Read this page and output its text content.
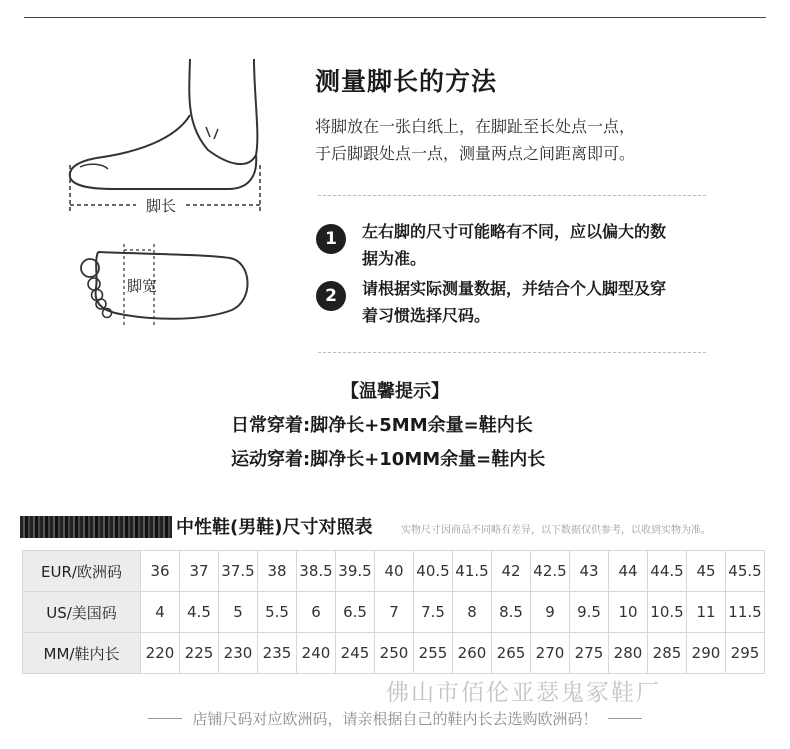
脚长
脚宽
测量脚长的方法

将脚放在一张白纸上，在脚趾至长处点一点，

于后脚跟处点一点，测量两点之间距离即可。

1	左右脚的尺寸可能略有不同，应以偏大的数

据为准。

2	请根据实际测量数据，并结合个人脚型及穿

着习惯选择尺码。

【温馨提示】
日常穿着:脚净长+5MM余量=鞋内长
运动穿着:脚净长+10MM余量=鞋内长
中性鞋(男鞋)尺寸对照表	实物尺寸因商品不同略有差异，以下数据仅供参考，以收到实物为准。
EUR/欧洲码	36	37	37.5	38	38.5	39.5	40	40.5	41.5	42	42.5	43	44	44.5	45	45.5
US/美国码	4	4.5	5	5.5	6	6.5	7	7.5	8	8.5	9	9.5	10	10.5	11	11.5
MM/鞋内长	220	225	230	235	240	245	250	255	260	265	270	275	280	285	290	295
佛山市佰伦亚瑟鬼冢鞋厂
店铺尺码对应欧洲码，请亲根据自己的鞋内长去选购欧洲码！
